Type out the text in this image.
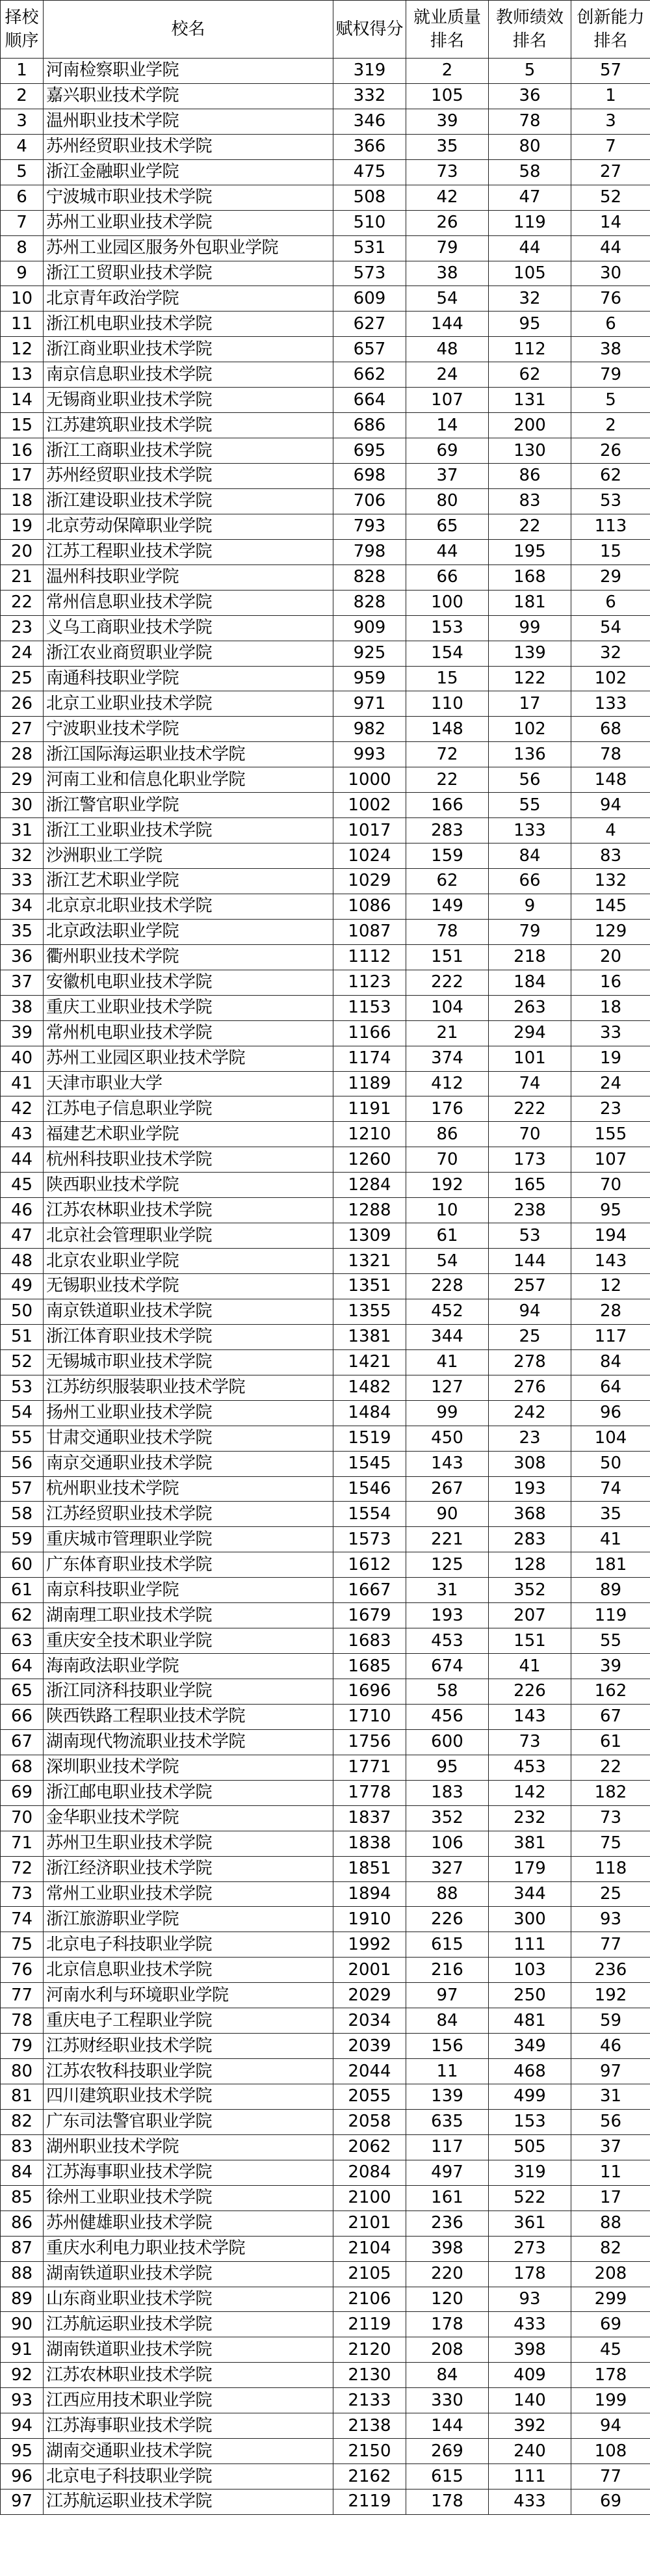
择校顺序	校名	赋权得分	就业质量排名	教师绩效排名	创新能力排名
1	河南检察职业学院	319	2	5	57
2	嘉兴职业技术学院	332	105	36	1
3	温州职业技术学院	346	39	78	3
4	苏州经贸职业技术学院	366	35	80	7
5	浙江金融职业学院	475	73	58	27
6	宁波城市职业技术学院	508	42	47	52
7	苏州工业职业技术学院	510	26	119	14
8	苏州工业园区服务外包职业学院	531	79	44	44
9	浙江工贸职业技术学院	573	38	105	30
10	北京青年政治学院	609	54	32	76
11	浙江机电职业技术学院	627	144	95	6
12	浙江商业职业技术学院	657	48	112	38
13	南京信息职业技术学院	662	24	62	79
14	无锡商业职业技术学院	664	107	131	5
15	江苏建筑职业技术学院	686	14	200	2
16	浙江工商职业技术学院	695	69	130	26
17	苏州经贸职业技术学院	698	37	86	62
18	浙江建设职业技术学院	706	80	83	53
19	北京劳动保障职业学院	793	65	22	113
20	江苏工程职业技术学院	798	44	195	15
21	温州科技职业学院	828	66	168	29
22	常州信息职业技术学院	828	100	181	6
23	义乌工商职业技术学院	909	153	99	54
24	浙江农业商贸职业学院	925	154	139	32
25	南通科技职业学院	959	15	122	102
26	北京工业职业技术学院	971	110	17	133
27	宁波职业技术学院	982	148	102	68
28	浙江国际海运职业技术学院	993	72	136	78
29	河南工业和信息化职业学院	1000	22	56	148
30	浙江警官职业学院	1002	166	55	94
31	浙江工业职业技术学院	1017	283	133	4
32	沙洲职业工学院	1024	159	84	83
33	浙江艺术职业学院	1029	62	66	132
34	北京京北职业技术学院	1086	149	9	145
35	北京政法职业学院	1087	78	79	129
36	衢州职业技术学院	1112	151	218	20
37	安徽机电职业技术学院	1123	222	184	16
38	重庆工业职业技术学院	1153	104	263	18
39	常州机电职业技术学院	1166	21	294	33
40	苏州工业园区职业技术学院	1174	374	101	19
41	天津市职业大学	1189	412	74	24
42	江苏电子信息职业学院	1191	176	222	23
43	福建艺术职业学院	1210	86	70	155
44	杭州科技职业技术学院	1260	70	173	107
45	陕西职业技术学院	1284	192	165	70
46	江苏农林职业技术学院	1288	10	238	95
47	北京社会管理职业学院	1309	61	53	194
48	北京农业职业学院	1321	54	144	143
49	无锡职业技术学院	1351	228	257	12
50	南京铁道职业技术学院	1355	452	94	28
51	浙江体育职业技术学院	1381	344	25	117
52	无锡城市职业技术学院	1421	41	278	84
53	江苏纺织服装职业技术学院	1482	127	276	64
54	扬州工业职业技术学院	1484	99	242	96
55	甘肃交通职业技术学院	1519	450	23	104
56	南京交通职业技术学院	1545	143	308	50
57	杭州职业技术学院	1546	267	193	74
58	江苏经贸职业技术学院	1554	90	368	35
59	重庆城市管理职业学院	1573	221	283	41
60	广东体育职业技术学院	1612	125	128	181
61	南京科技职业学院	1667	31	352	89
62	湖南理工职业技术学院	1679	193	207	119
63	重庆安全技术职业学院	1683	453	151	55
64	海南政法职业学院	1685	674	41	39
65	浙江同济科技职业学院	1696	58	226	162
66	陕西铁路工程职业技术学院	1710	456	143	67
67	湖南现代物流职业技术学院	1756	600	73	61
68	深圳职业技术学院	1771	95	453	22
69	浙江邮电职业技术学院	1778	183	142	182
70	金华职业技术学院	1837	352	232	73
71	苏州卫生职业技术学院	1838	106	381	75
72	浙江经济职业技术学院	1851	327	179	118
73	常州工业职业技术学院	1894	88	344	25
74	浙江旅游职业学院	1910	226	300	93
75	北京电子科技职业学院	1992	615	111	77
76	北京信息职业技术学院	2001	216	103	236
77	河南水利与环境职业学院	2029	97	250	192
78	重庆电子工程职业学院	2034	84	481	59
79	江苏财经职业技术学院	2039	156	349	46
80	江苏农牧科技职业学院	2044	11	468	97
81	四川建筑职业技术学院	2055	139	499	31
82	广东司法警官职业学院	2058	635	153	56
83	湖州职业技术学院	2062	117	505	37
84	江苏海事职业技术学院	2084	497	319	11
85	徐州工业职业技术学院	2100	161	522	17
86	苏州健雄职业技术学院	2101	236	361	88
87	重庆水利电力职业技术学院	2104	398	273	82
88	湖南铁道职业技术学院	2105	220	178	208
89	山东商业职业技术学院	2106	120	93	299
90	江苏航运职业技术学院	2119	178	433	69
91	湖南铁道职业技术学院	2120	208	398	45
92	江苏农林职业技术学院	2130	84	409	178
93	江西应用技术职业学院	2133	330	140	199
94	江苏海事职业技术学院	2138	144	392	94
95	湖南交通职业技术学院	2150	269	240	108
96	北京电子科技职业学院	2162	615	111	77
97	江苏航运职业技术学院	2119	178	433	69
